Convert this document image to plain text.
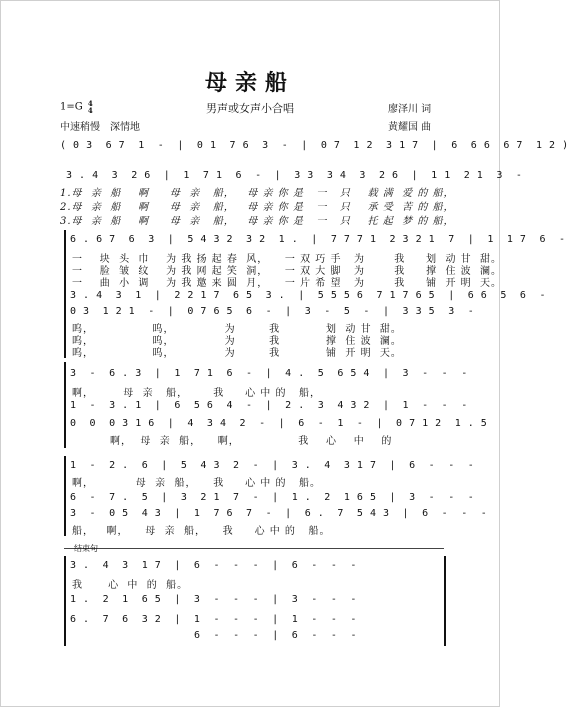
母亲船
1=G 4
4	男声或女声小合唱	廖泽川 词
黄耀国 曲
中速稍慢　深情地
( 0 3  6 7  1  -  |  0 1  7 6  3  -  |  0 7  1 2  3 1 7  |  6  6 6  6 7  1 2 )
3 . 4  3  2 6  |  1  7 1  6  -  |  3 3  3 4  3  2 6  |  1 1  2 1  3  -
1.母  亲  船    啊     母  亲   船，   母 亲 你 是   一   只    载 满  爱 的 船，
2.母  亲  船    啊     母  亲   船，   母 亲 你 是   一   只    承 受  苦 的 船，
3.母  亲  船    啊     母  亲   船，   母 亲 你 是   一   只    托 起  梦 的 船，
6 . 6 7  6  3  |  5 4 3 2  3 2  1 .  |  7 7 7 1  2 3 2 1  7  |  1  1 7  6  -
一    块  头  巾    为 我 扬 起 春  风，    一 双 巧 手   为       我     划  动 甘  甜。
一    脸  皱  纹    为 我 网 起 笑  洞，    一 双 大 脚   为       我     撑  住 波  澜。
一    曲  小  调    为 我 邀 来 圆  月，    一 片 希 望   为       我     铺  开 明  天。
3 . 4  3  1  |  2 2 1 7  6 5  3 .  |  5 5 5 6  7 1 7 6 5  |  6 6  5  6  -
0 3  1 2 1  -  |  0 7 6 5  6  -  |  3  -  5  -  |  3 3 5  3  -
呜，              呜，            为        我           划  动 甘  甜。
呜，              呜，            为        我           撑  住 波  澜。
呜，              呜，            为        我           铺  开 明  天。
3  -  6 . 3  |  1  7 1  6  -  |  4 .  5  6 5 4  |  3  -  -  -
啊，       母  亲   船，      我     心 中 的   船，
1  -  3 . 1  |  6  5 6  4  -  |  2 .  3  4 3 2  |  1  -  -  -
0  0  0 3 1 6  |  4  3 4  2  -  |  6  -  1  -  |  0 7 1 2  1 . 5
啊，  母  亲  船，    啊，              我    心    中    的
1  -  2 .  6  |  5  4 3  2  -  |  3 .  4  3 1 7  |  6  -  -  -
啊，          母  亲  船，    我     心 中 的   船。
6  -  7 .  5  |  3  2 1  7  -  |  1 .  2  1 6 5  |  3  -  -  -
3  -  0 5  4 3  |  1  7 6  7  -  |  6 .  7  5 4 3  |  6  -  -  -
船，   啊，    母  亲  船，    我     心 中 的   船。
结束句
3 .  4  3  1 7  |  6  -  -  -  |  6  -  -  -
我      心  中  的  船。
1 .  2  1  6 5  |  3  -  -  -  |  3  -  -  -
6 .  7  6  3 2  |  1  -  -  -  |  1  -  -  -
6  -  -  -  |  6  -  -  -
